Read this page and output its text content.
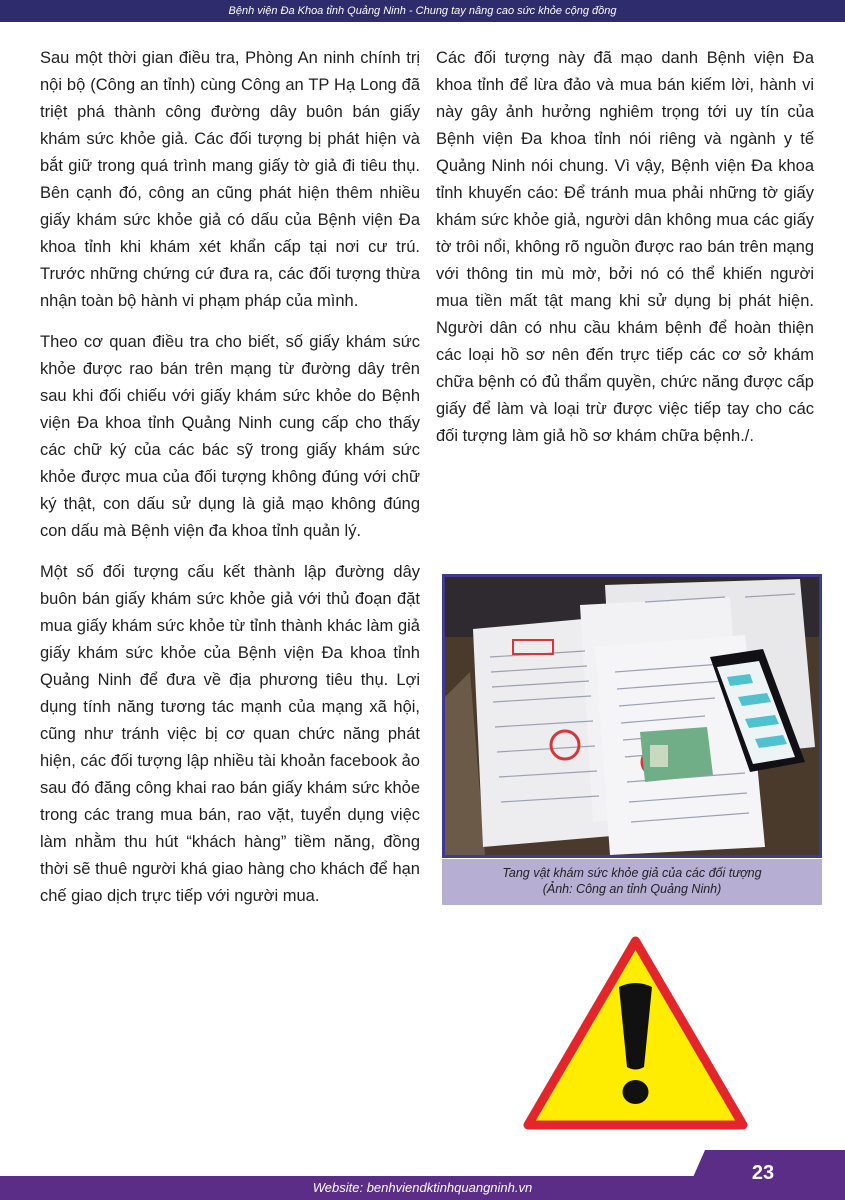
Bệnh viện Đa Khoa tỉnh Quảng Ninh - Chung tay nâng cao sức khỏe cộng đồng

Sau một thời gian điều tra, Phòng An ninh chính trị nội bộ (Công an tỉnh) cùng Công an TP Hạ Long đã triệt phá thành công đường dây buôn bán giấy khám sức khỏe giả. Các đối tượng bị phát hiện và bắt giữ trong quá trình mang giấy tờ giả đi tiêu thụ. Bên cạnh đó, công an cũng phát hiện thêm nhiều giấy khám sức khỏe giả có dấu của Bệnh viện Đa khoa tỉnh khi khám xét khẩn cấp tại nơi cư trú. Trước những chứng cứ đưa ra, các đối tượng thừa nhận toàn bộ hành vi phạm pháp của mình.

Theo cơ quan điều tra cho biết, số giấy khám sức khỏe được rao bán trên mạng từ đường dây trên sau khi đối chiếu với giấy khám sức khỏe do Bệnh viện Đa khoa tỉnh Quảng Ninh cung cấp cho thấy các chữ ký của các bác sỹ trong giấy khám sức khỏe được mua của đối tượng không đúng với chữ ký thật, con dấu sử dụng là giả mạo không đúng con dấu mà Bệnh viện đa khoa tỉnh quản lý.

Một số đối tượng cấu kết thành lập đường dây buôn bán giấy khám sức khỏe giả với thủ đoạn đặt mua giấy khám sức khỏe từ tỉnh thành khác làm giả giấy khám sức khỏe của Bệnh viện Đa khoa tỉnh Quảng Ninh để đưa về địa phương tiêu thụ. Lợi dụng tính năng tương tác mạnh của mạng xã hội, cũng như tránh việc bị cơ quan chức năng phát hiện, các đối tượng lập nhiều tài khoản facebook ảo sau đó đăng công khai rao bán giấy khám sức khỏe trong các trang mua bán, rao vặt, tuyển dụng việc làm nhằm thu hút “khách hàng” tiềm năng, đồng thời sẽ thuê người khá giao hàng cho khách để hạn chế giao dịch trực tiếp với người mua.

Các đối tượng này đã mạo danh Bệnh viện Đa khoa tỉnh để lừa đảo và mua bán kiếm lời, hành vi này gây ảnh hưởng nghiêm trọng tới uy tín của Bệnh viện Đa khoa tỉnh nói riêng và ngành y tế Quảng Ninh nói chung. Vì vậy, Bệnh viện Đa khoa tỉnh khuyến cáo: Để tránh mua phải những tờ giấy khám sức khỏe giả, người dân không mua các giấy tờ trôi nổi, không rõ nguồn được rao bán trên mạng với thông tin mù mờ, bởi nó có thể khiến người mua tiền mất tật mang khi sử dụng bị phát hiện. Người dân có nhu cầu khám bệnh để hoàn thiện các loại hồ sơ nên đến trực tiếp các cơ sở khám chữa bệnh có đủ thẩm quyền, chức năng được cấp giấy để làm và loại trừ được việc tiếp tay cho các đối tượng làm giả hồ sơ khám chữa bệnh./.

Tang vật khám sức khỏe giả của các đối tượng
(Ảnh: Công an tỉnh Quảng Ninh)
Website: benhviendktinhquangninh.vn
23
